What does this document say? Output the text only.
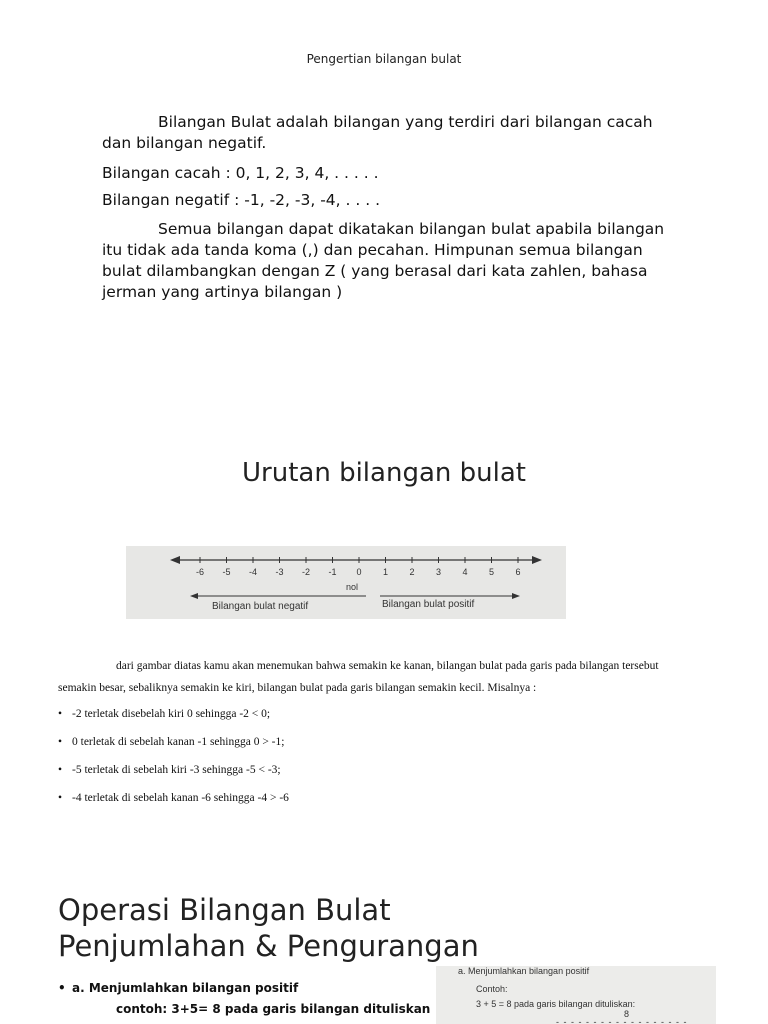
Pengertian bilangan bulat
Bilangan Bulat adalah bilangan yang terdiri dari bilangan cacah dan bilangan negatif.
Bilangan cacah : 0, 1, 2, 3, 4, . . . . .
Bilangan negatif : -1, -2, -3, -4, . . . .
Semua bilangan dapat dikatakan bilangan bulat apabila bilangan itu tidak ada tanda koma (,) dan pecahan. Himpunan semua bilangan bulat dilambangkan dengan Z ( yang berasal dari kata zahlen, bahasa jerman yang artinya bilangan )
Urutan bilangan bulat
-6 -5 -4 -3 -2 -1 0 1 2 3 4 5 6
nol
Bilangan bulat negatif	Bilangan bulat positif
dari gambar diatas kamu akan menemukan bahwa semakin ke kanan, bilangan bulat pada garis pada bilangan tersebut
semakin besar, sebaliknya semakin ke kiri, bilangan bulat pada garis bilangan semakin kecil. Misalnya :
• -2 terletak disebelah kiri 0 sehingga -2 < 0;
• 0 terletak di sebelah kanan -1 sehingga 0 > -1;
• -5 terletak di sebelah kiri -3 sehingga -5 < -3;
• -4 terletak di sebelah kanan -6 sehingga -4 > -6
Operasi Bilangan Bulat
Penjumlahan & Pengurangan
• a. Menjumlahkan bilangan positif
contoh: 3+5= 8 pada garis bilangan dituliskan
a. Menjumlahkan bilangan positif
Contoh:
3 + 5 = 8 pada garis bilangan dituliskan:
8
- - - - - - - - - - - - - - - - - -
